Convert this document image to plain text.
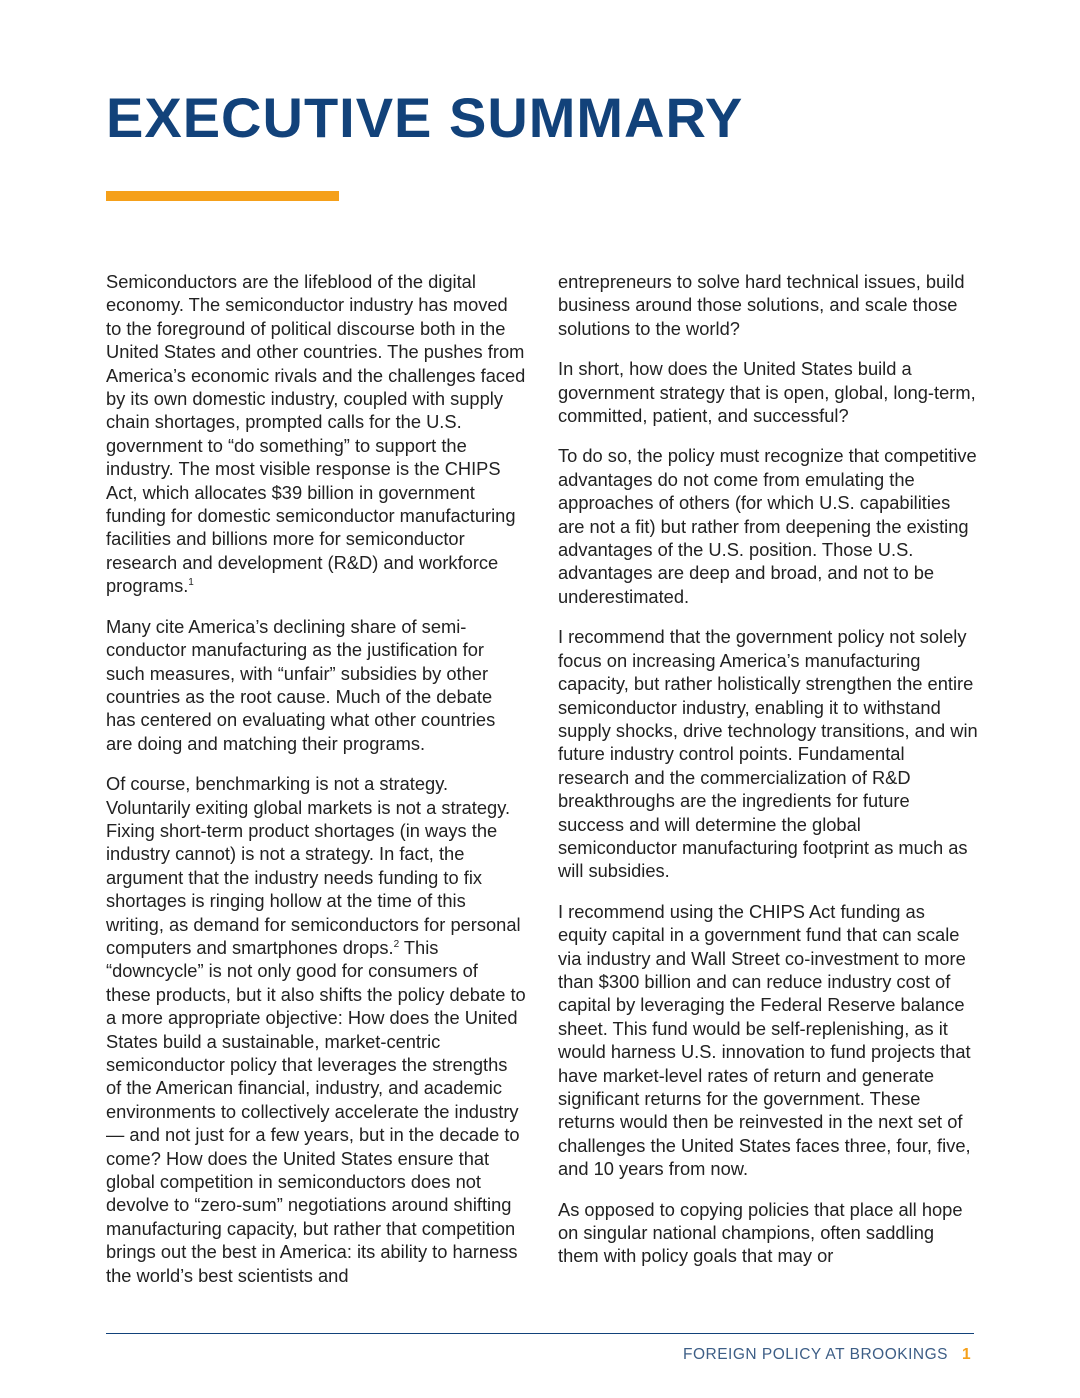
EXECUTIVE SUMMARY

Semiconductors are the lifeblood of the digital economy. The semiconductor industry has moved to the foreground of political discourse both in the United States and other countries. The pushes from America’s economic rivals and the challenges faced by its own domestic industry, coupled with supply chain shortages, prompted calls for the U.S. government to “do something” to support the industry. The most visible response is the CHIPS Act, which allocates $39 billion in government funding for domestic semiconductor manufacturing facilities and billions more for semiconductor research and development (R&D) and workforce programs.$^1$

Many cite America’s declining share of semiconductor manufacturing as the justification for such measures, with “unfair” subsidies by other countries as the root cause. Much of the debate has centered on evaluating what other countries are doing and matching their programs.

Of course, benchmarking is not a strategy. Voluntarily exiting global markets is not a strategy. Fixing short-term product shortages (in ways the industry cannot) is not a strategy. In fact, the argument that the industry needs funding to fix shortages is ringing hollow at the time of this writing, as demand for semiconductors for personal computers and smartphones drops.$^2$ This “downcycle” is not only good for consumers of these products, but it also shifts the policy debate to a more appropriate objective: How does the United States build a sustainable, market-centric semiconductor policy that leverages the strengths of the American financial, industry, and academic environments to collectively accelerate the industry — and not just for a few years, but in the decade to come? How does the United States ensure that global competition in semiconductors does not devolve to “zero-sum” negotiations around shifting manufacturing capacity, but rather that competition brings out the best in America: its ability to harness the world’s best scientists and

entrepreneurs to solve hard technical issues, build business around those solutions, and scale those solutions to the world?

In short, how does the United States build a government strategy that is open, global, long-term, committed, patient, and successful?

To do so, the policy must recognize that competitive advantages do not come from emulating the approaches of others (for which U.S. capabilities are not a fit) but rather from deepening the existing advantages of the U.S. position. Those U.S. advantages are deep and broad, and not to be underestimated.

I recommend that the government policy not solely focus on increasing America’s manufacturing capacity, but rather holistically strengthen the entire semiconductor industry, enabling it to withstand supply shocks, drive technology transitions, and win future industry control points. Fundamental research and the commercialization of R&D breakthroughs are the ingredients for future success and will determine the global semiconductor manufacturing footprint as much as will subsidies.

I recommend using the CHIPS Act funding as equity capital in a government fund that can scale via industry and Wall Street co-investment to more than $300 billion and can reduce industry cost of capital by leveraging the Federal Reserve balance sheet. This fund would be self-replenishing, as it would harness U.S. innovation to fund projects that have market-level rates of return and generate significant returns for the government. These returns would then be reinvested in the next set of challenges the United States faces three, four, five, and 10 years from now.

As opposed to copying policies that place all hope on singular national champions, often saddling them with policy goals that may or

FOREIGN POLICY AT BROOKINGS 1
